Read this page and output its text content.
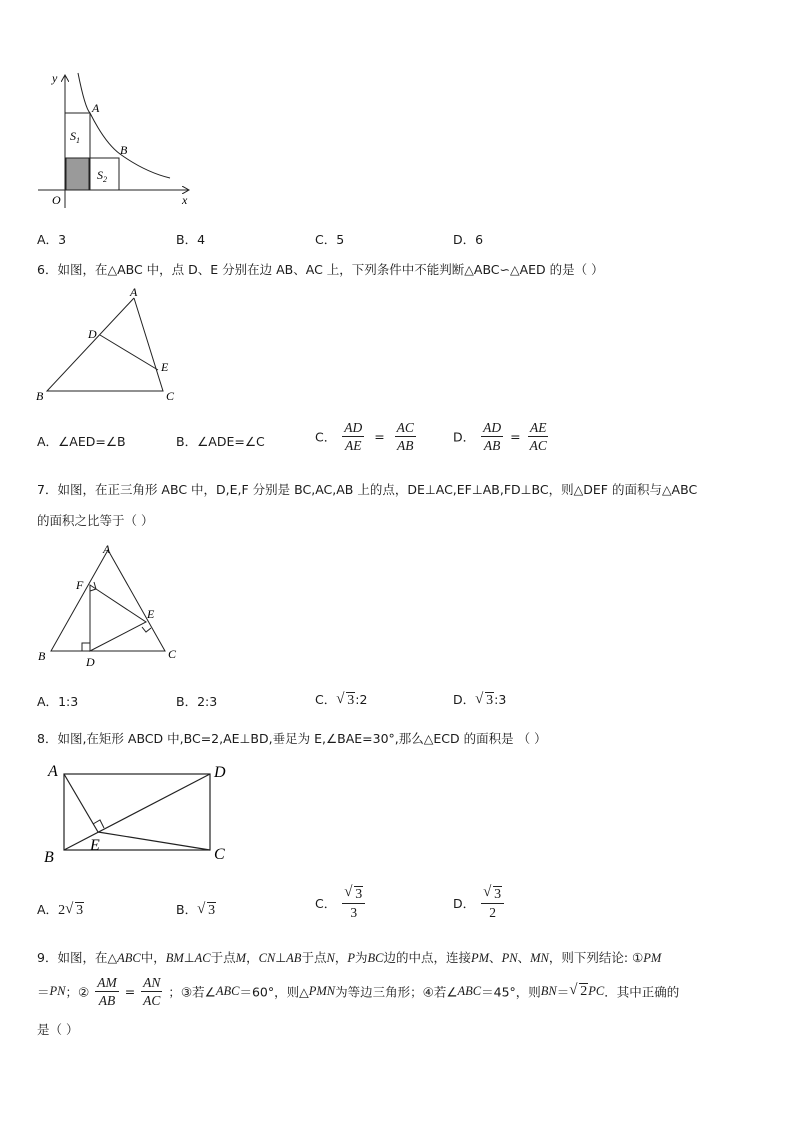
y
x
O
A
B
$S_1$
$S_2$
A．3	B．4	C．5	D．6
6．如图，在△ABC 中，点 D、E 分别在边 AB、AC 上，下列条件中不能判断△ABC∽△AED 的是（ ）
A
B	C
D
E
A．∠AED=∠B	B．∠ADE=∠C	C． $\frac{AD}{AE} = \frac{AC}{AB}$	D． $\frac{AD}{AB} = \frac{AE}{AC}$
7．如图，在正三角形 ABC 中，D,E,F 分别是 BC,AC,AB 上的点，DE⊥AC,EF⊥AB,FD⊥BC，则△DEF 的面积与△ABC
的面积之比等于（ ）
A
B	C
D
E
F
A．1:3	B．2:3	C． √ 3:2	D． √ 3:3
8．如图,在矩形 ABCD 中,BC=2,AE⊥BD,垂足为 E,∠BAE=30°,那么△ECD 的面积是 （ ）
A
B	C
D
E
A．2 √ 3	B． √ 3	C． $\frac{√ 3}{3}$	D． $\frac{√ 3}{2}$
9．如图，在△ABC中，BM⊥AC于点M，CN⊥AB于点N，P为BC边的中点，连接PM、PN、MN，则下列结论: ①PM
＝PN；② $\frac{AM}{AB} = \frac{AN}{AC}$ ；③若∠ABC＝60°，则△PMN为等边三角形；④若∠ABC＝45°，则BN＝ √ 2PC．其中正确的
是（ ）
